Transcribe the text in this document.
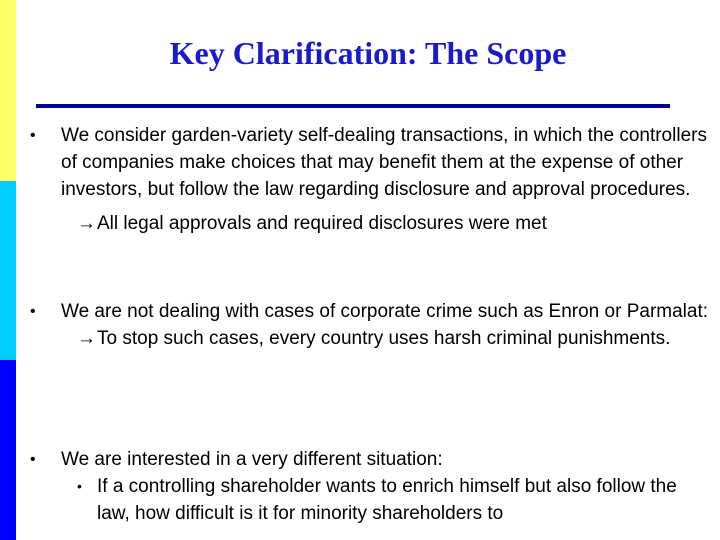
Key Clarification: The Scope
• We consider garden-variety self-dealing transactions, in which the controllers of companies make choices that may benefit them at the expense of other investors, but follow the law regarding disclosure and approval procedures.
→ All legal approvals and required disclosures were met
• We are not dealing with cases of corporate crime such as Enron or Parmalat:
→ To stop such cases, every country uses harsh criminal punishments.
• We are interested in a very different situation:
• If a controlling shareholder wants to enrich himself but also follow the law, how difficult is it for minority shareholders to
